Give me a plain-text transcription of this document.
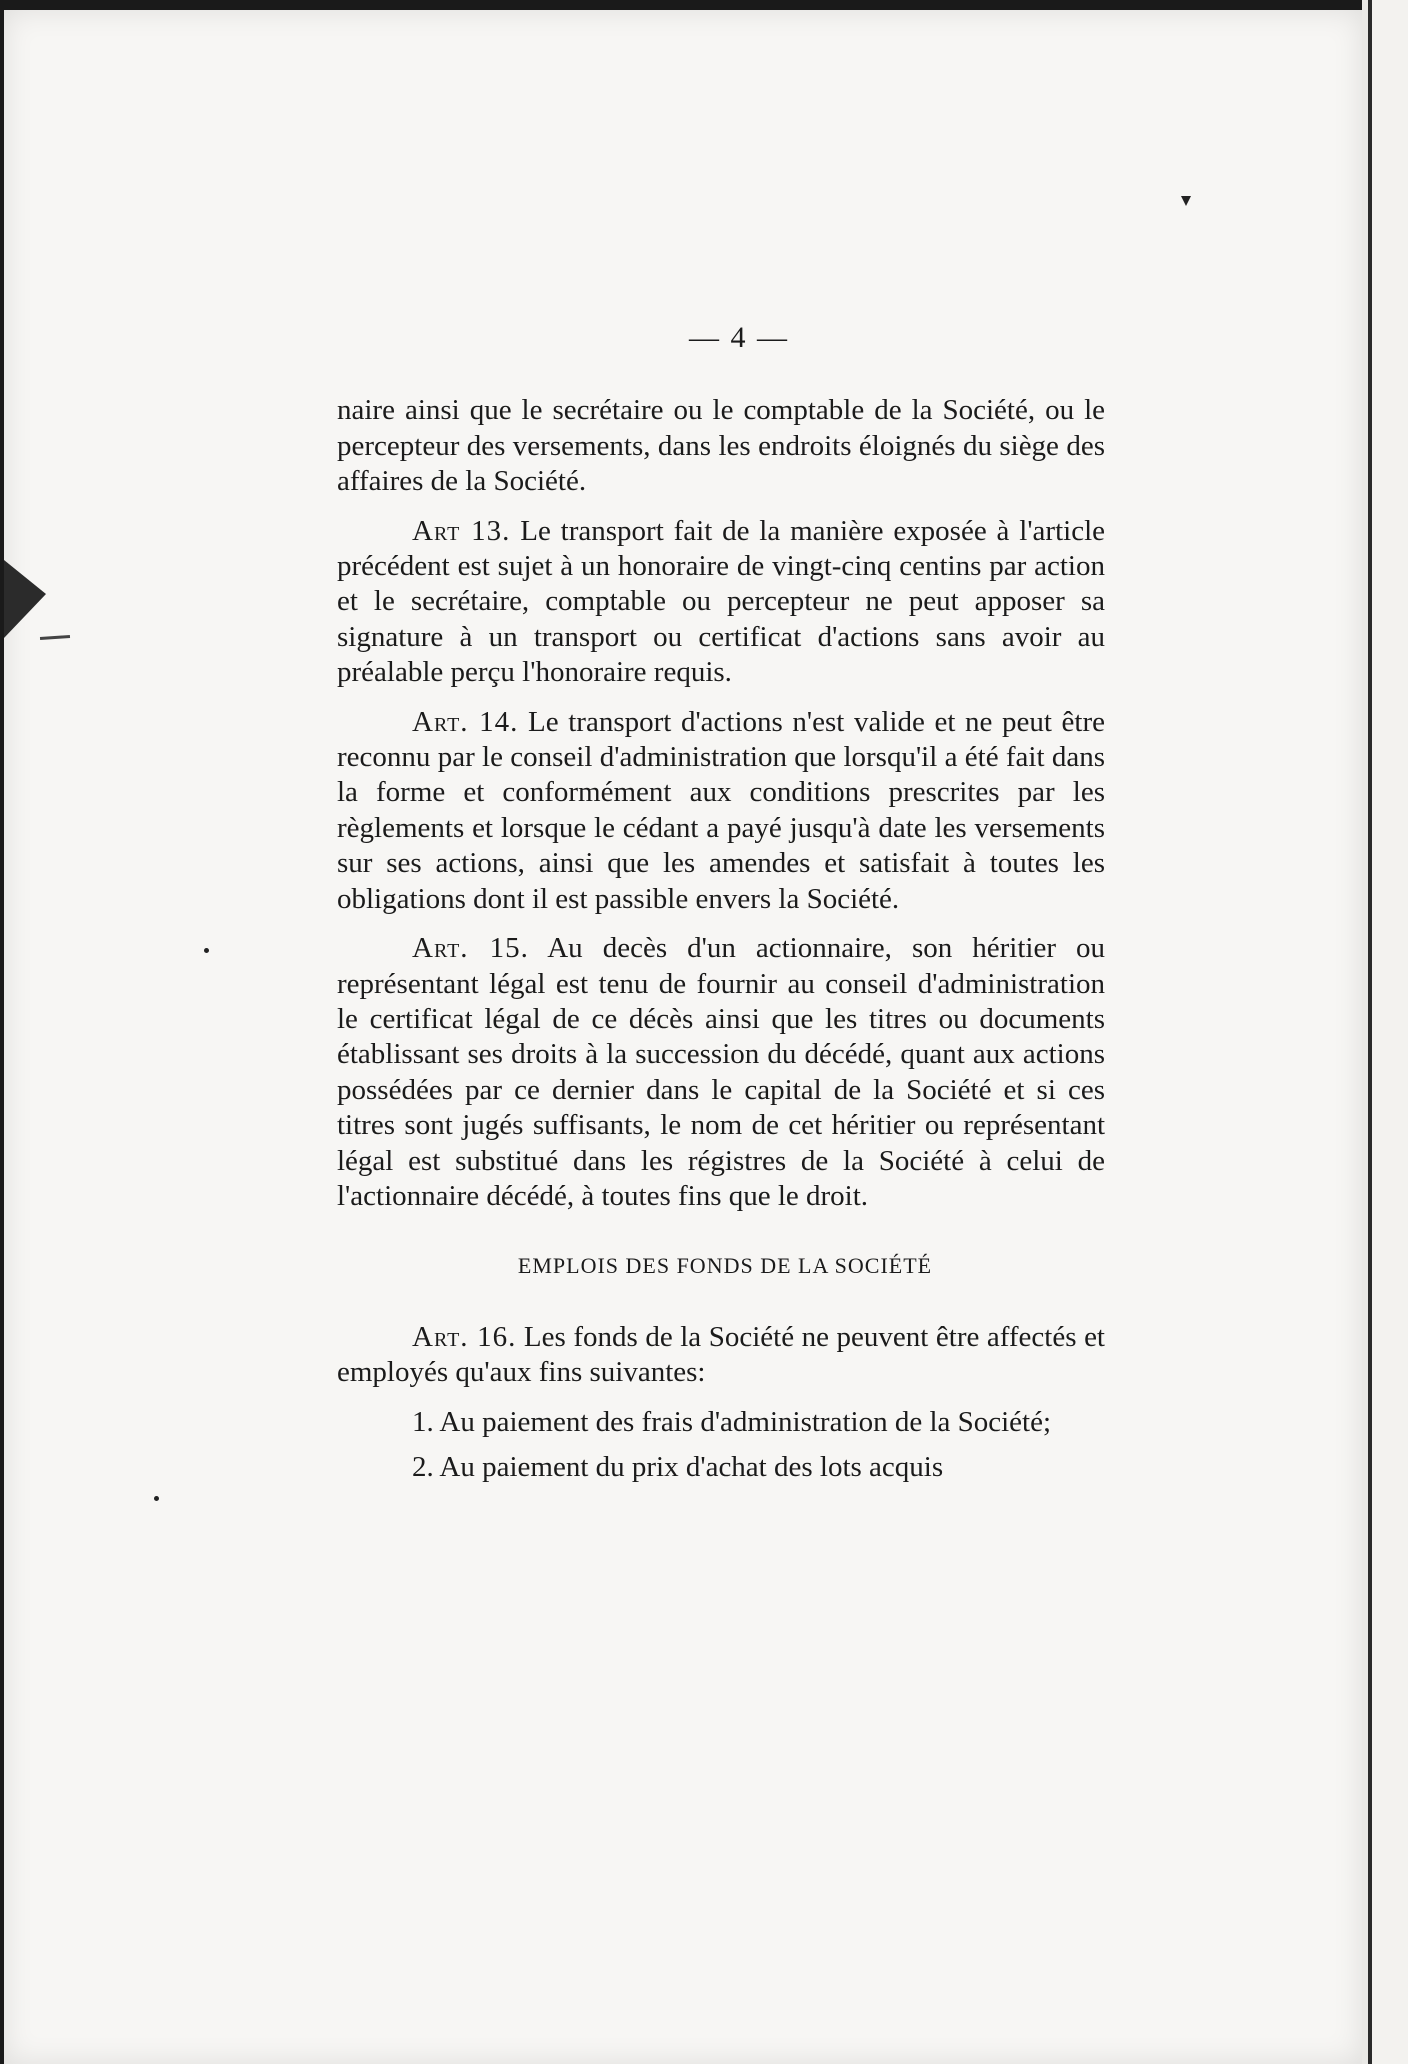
— 4 —

naire ainsi que le secrétaire ou le comptable de la Société, ou le percepteur des versements, dans les endroits éloignés du siège des affaires de la Société.

Art 13. Le transport fait de la manière exposée à l'article précédent est sujet à un honoraire de vingt-cinq centins par action et le secrétaire, comptable ou percepteur ne peut apposer sa signature à un transport ou certificat d'actions sans avoir au préalable perçu l'honoraire requis.

Art. 14. Le transport d'actions n'est valide et ne peut être reconnu par le conseil d'administration que lorsqu'il a été fait dans la forme et conformément aux conditions prescrites par les règlements et lorsque le cédant a payé jusqu'à date les versements sur ses actions, ainsi que les amendes et satisfait à toutes les obligations dont il est passible envers la Société.

Art. 15. Au decès d'un actionnaire, son héritier ou représentant légal est tenu de fournir au conseil d'administration le certificat légal de ce décès ainsi que les titres ou documents établissant ses droits à la succession du décédé, quant aux actions possédées par ce dernier dans le capital de la Société et si ces titres sont jugés suffisants, le nom de cet héritier ou représentant légal est substitué dans les régistres de la Société à celui de l'actionnaire décédé, à toutes fins que le droit.

EMPLOIS DES FONDS DE LA SOCIÉTÉ

Art. 16. Les fonds de la Société ne peuvent être affectés et employés qu'aux fins suivantes:

1. Au paiement des frais d'administration de la Société;

2. Au paiement du prix d'achat des lots acquis
